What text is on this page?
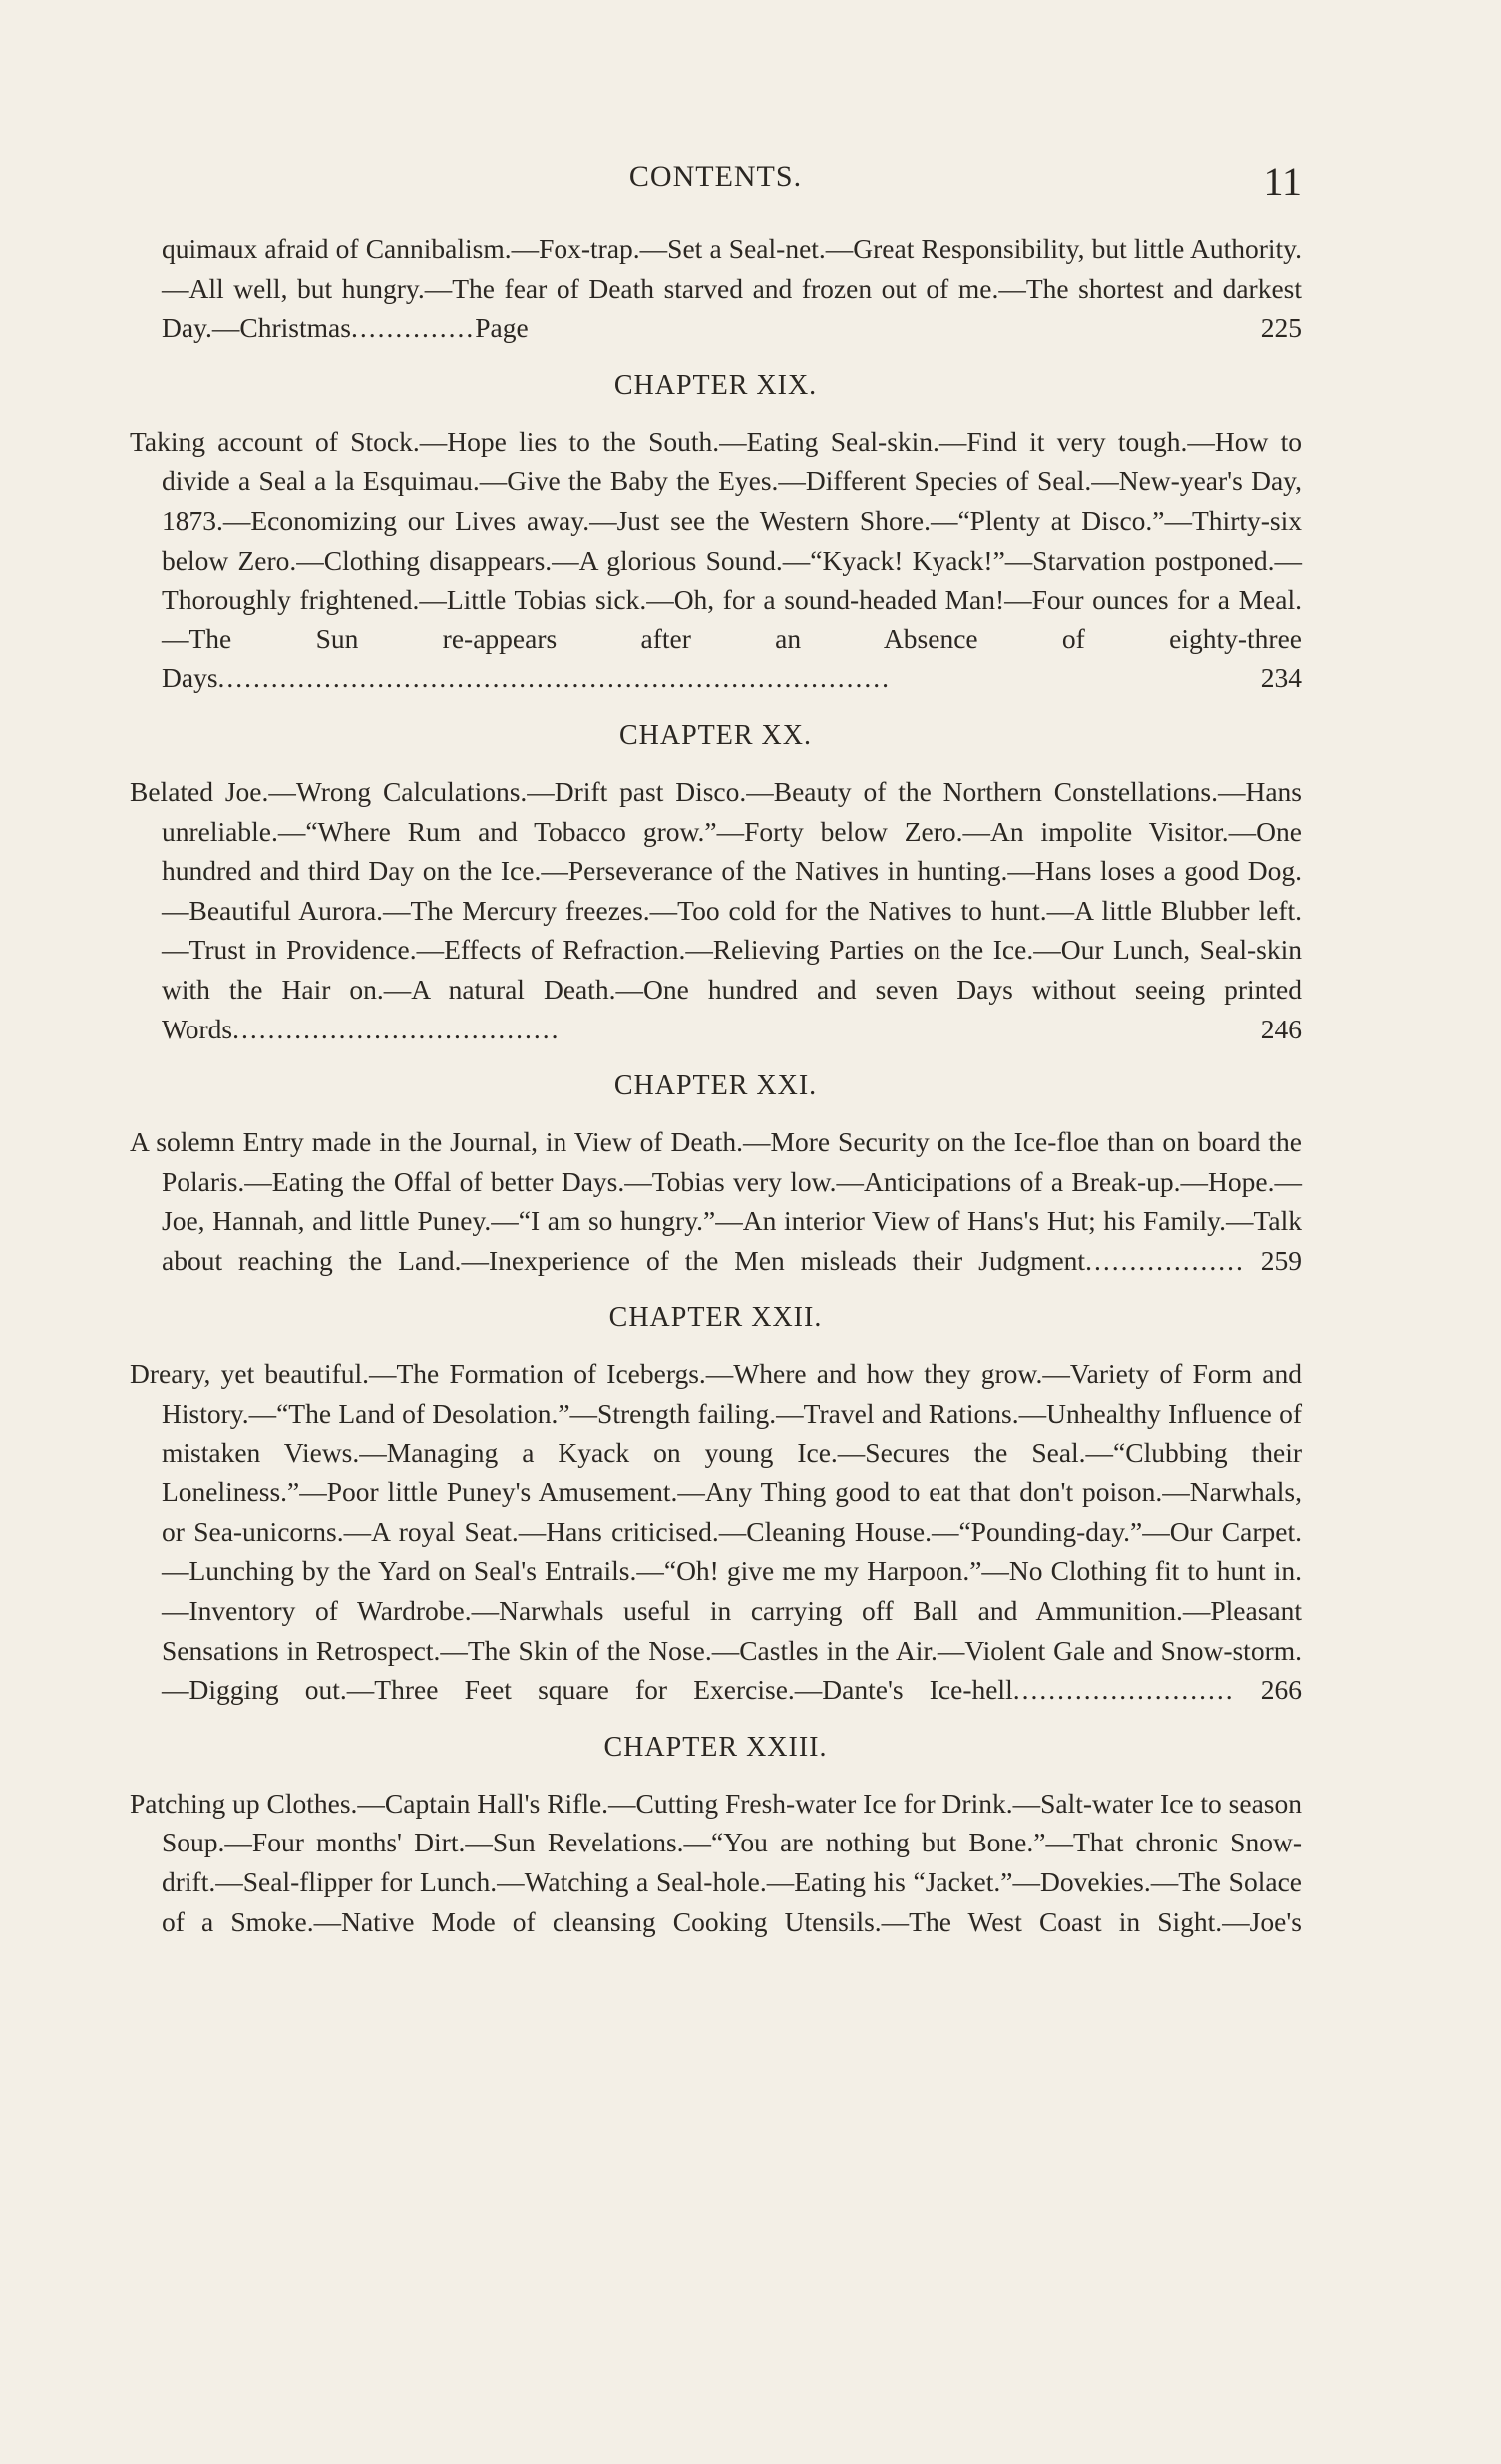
CONTENTS.	11

quimaux afraid of Cannibalism.—Fox-trap.—Set a Seal-net.—Great Responsibility, but little Authority.—All well, but hungry.—The fear of Death starved and frozen out of me.—The shortest and darkest Day.—Christmas..............Page 225

CHAPTER XIX.

Taking account of Stock.—Hope lies to the South.—Eating Seal-skin.—Find it very tough.—How to divide a Seal a la Esquimau.—Give the Baby the Eyes.—Different Species of Seal.—New-year's Day, 1873.—Economizing our Lives away.—Just see the Western Shore.—“Plenty at Disco.”—Thirty-six below Zero.—Clothing disappears.—A glorious Sound.—“Kyack! Kyack!”—Starvation postponed.—Thoroughly frightened.—Little Tobias sick.—Oh, for a sound-headed Man!—Four ounces for a Meal.—The Sun re-appears after an Absence of eighty-three Days............................................................................	234

CHAPTER XX.

Belated Joe.—Wrong Calculations.—Drift past Disco.—Beauty of the Northern Constellations.—Hans unreliable.—“Where Rum and Tobacco grow.”—Forty below Zero.—An impolite Visitor.—One hundred and third Day on the Ice.—Perseverance of the Natives in hunting.—Hans loses a good Dog.—Beautiful Aurora.—The Mercury freezes.—Too cold for the Natives to hunt.—A little Blubber left.—Trust in Providence.—Effects of Refraction.—Relieving Parties on the Ice.—Our Lunch, Seal-skin with the Hair on.—A natural Death.—One hundred and seven Days without seeing printed Words.....................................	246

CHAPTER XXI.

A solemn Entry made in the Journal, in View of Death.—More Security on the Ice-floe than on board the Polaris.—Eating the Offal of better Days.—Tobias very low.—Anticipations of a Break-up.—Hope.—Joe, Hannah, and little Puney.—“I am so hungry.”—An interior View of Hans's Hut; his Family.—Talk about reaching the Land.—Inexperience of the Men misleads their Judgment.................. 259

CHAPTER XXII.

Dreary, yet beautiful.—The Formation of Icebergs.—Where and how they grow.—Variety of Form and History.—“The Land of Desolation.”—Strength failing.—Travel and Rations.—Unhealthy Influence of mistaken Views.—Managing a Kyack on young Ice.—Secures the Seal.—“Clubbing their Loneliness.”—Poor little Puney's Amusement.—Any Thing good to eat that don't poison.—Narwhals, or Sea-unicorns.—A royal Seat.—Hans criticised.—Cleaning House.—“Pounding-day.”—Our Carpet.—Lunching by the Yard on Seal's Entrails.—“Oh! give me my Harpoon.”—No Clothing fit to hunt in.—Inventory of Wardrobe.—Narwhals useful in carrying off Ball and Ammunition.—Pleasant Sensations in Retrospect.—The Skin of the Nose.—Castles in the Air.—Violent Gale and Snow-storm.—Digging out.—Three Feet square for Exercise.—Dante's Ice-hell......................... 266

CHAPTER XXIII.

Patching up Clothes.—Captain Hall's Rifle.—Cutting Fresh-water Ice for Drink.—Salt-water Ice to season Soup.—Four months' Dirt.—Sun Revelations.—“You are nothing but Bone.”—That chronic Snow-drift.—Seal-flipper for Lunch.—Watching a Seal-hole.—Eating his “Jacket.”—Dovekies.—The Solace of a Smoke.—Native Mode of cleansing Cooking Utensils.—The West Coast in Sight.—Joe's
